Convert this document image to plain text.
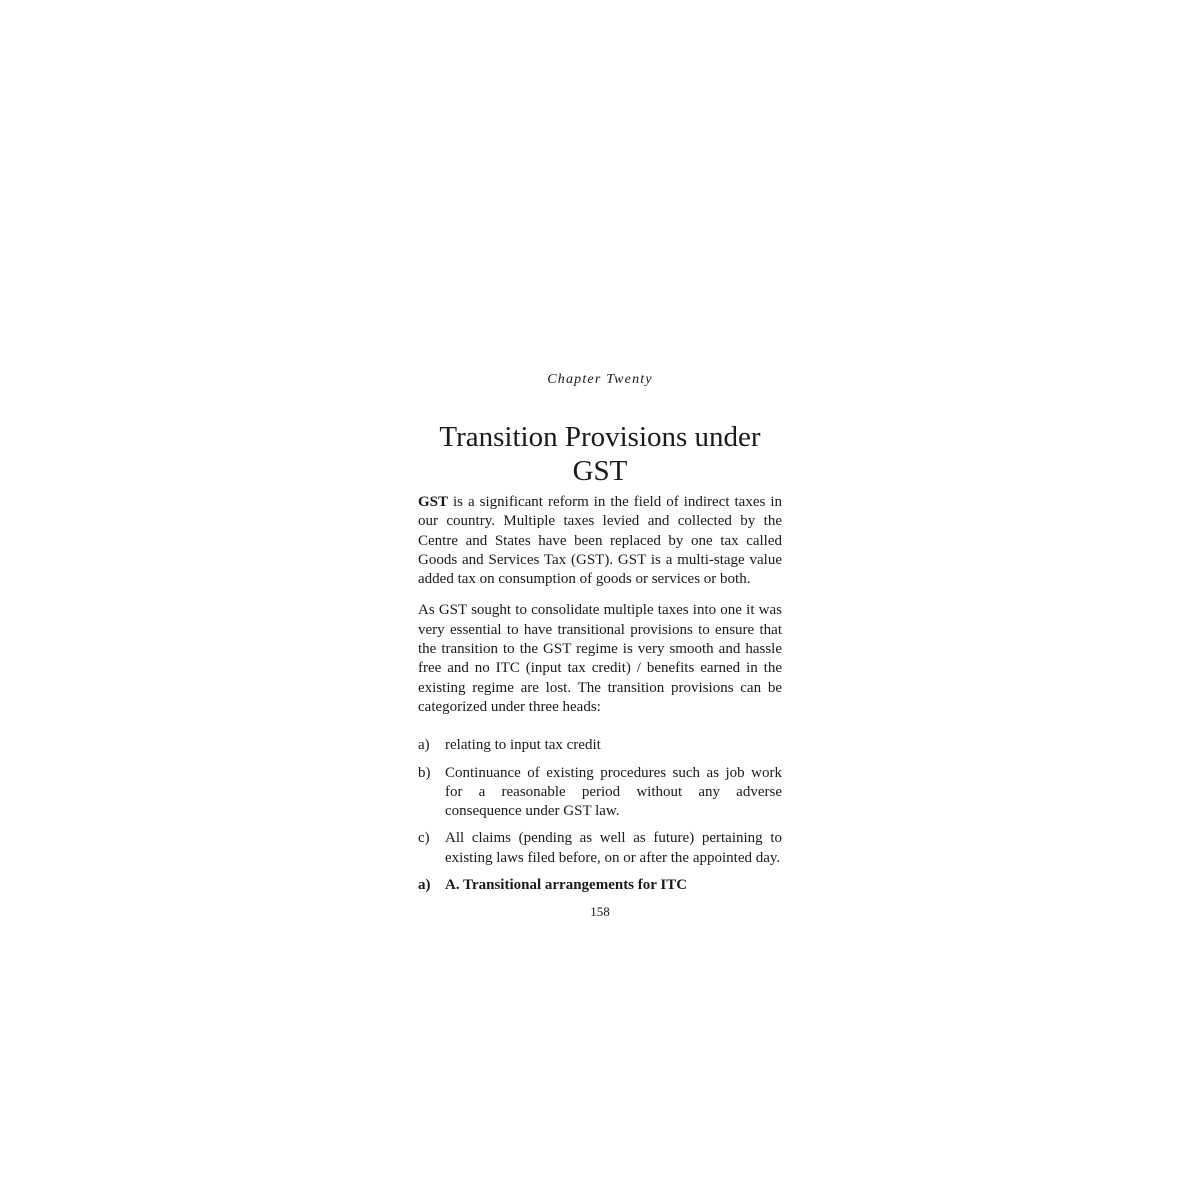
Chapter Twenty
Transition Provisions under GST

GST is a significant reform in the field of indirect taxes in our country. Multiple taxes levied and collected by the Centre and States have been replaced by one tax called Goods and Services Tax (GST). GST is a multi-stage value added tax on consumption of goods or services or both.

As GST sought to consolidate multiple taxes into one it was very essential to have transitional provisions to ensure that the transition to the GST regime is very smooth and hassle free and no ITC (input tax credit) / benefits earned in the existing regime are lost. The transition provisions can be categorized under three heads:

a)	relating to input tax credit
b) Continuance of existing procedures such as job work for a reasonable period without any adverse consequence under GST law.
c)	All claims (pending as well as future) pertaining to existing laws filed before, on or after the appointed day.
a) A. Transitional arrangements for ITC
158
